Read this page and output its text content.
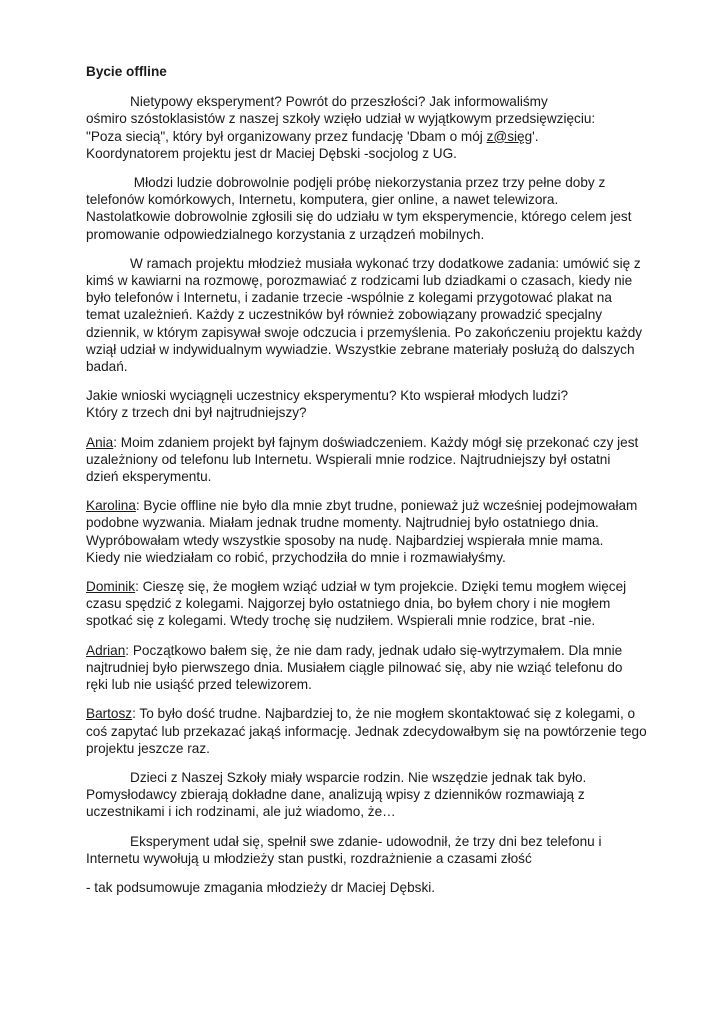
Bycie offline
Nietypowy eksperyment? Powrót do przeszłości? Jak informowaliśmy
ośmiro szóstoklasistów z naszej szkoły wzięło udział w wyjątkowym przedsięwzięciu:
"Poza siecią", który był organizowany przez fundację 'Dbam o mój z@sięg'.
Koordynatorem projektu jest dr Maciej Dębski -socjolog z UG.
Młodzi ludzie dobrowolnie podjęli próbę niekorzystania przez trzy pełne doby z
telefonów komórkowych, Internetu, komputera, gier online, a nawet telewizora.
Nastolatkowie dobrowolnie zgłosili się do udziału w tym eksperymencie, którego celem jest
promowanie odpowiedzialnego korzystania z urządzeń mobilnych.
W ramach projektu młodzież musiała wykonać trzy dodatkowe zadania: umówić się z
kimś w kawiarni na rozmowę, porozmawiać z rodzicami lub dziadkami o czasach, kiedy nie
było telefonów i Internetu, i zadanie trzecie -wspólnie z kolegami przygotować plakat na
temat uzależnień. Każdy z uczestników był również zobowiązany prowadzić specjalny
dziennik, w którym zapisywał swoje odczucia i przemyślenia. Po zakończeniu projektu każdy
wziął udział w indywidualnym wywiadzie. Wszystkie zebrane materiały posłużą do dalszych
badań.
Jakie wnioski wyciągnęli uczestnicy eksperymentu? Kto wspierał młodych ludzi?
Który z trzech dni był najtrudniejszy?
Ania: Moim zdaniem projekt był fajnym doświadczeniem. Każdy mógł się przekonać czy jest
uzależniony od telefonu lub Internetu. Wspierali mnie rodzice. Najtrudniejszy był ostatni
dzień eksperymentu.
Karolina: Bycie offline nie było dla mnie zbyt trudne, ponieważ już wcześniej podejmowałam
podobne wyzwania. Miałam jednak trudne momenty. Najtrudniej było ostatniego dnia.
Wypróbowałam wtedy wszystkie sposoby na nudę. Najbardziej wspierała mnie mama.
Kiedy nie wiedziałam co robić, przychodziła do mnie i rozmawiałyśmy.
Dominik: Cieszę się, że mogłem wziąć udział w tym projekcie. Dzięki temu mogłem więcej
czasu spędzić z kolegami. Najgorzej było ostatniego dnia, bo byłem chory i nie mogłem
spotkać się z kolegami. Wtedy trochę się nudziłem. Wspierali mnie rodzice, brat -nie.
Adrian: Początkowo bałem się, że nie dam rady, jednak udało się-wytrzymałem. Dla mnie
najtrudniej było pierwszego dnia. Musiałem ciągle pilnować się, aby nie wziąć telefonu do
ręki lub nie usiąść przed telewizorem.
Bartosz: To było dość trudne. Najbardziej to, że nie mogłem skontaktować się z kolegami, o
coś zapytać lub przekazać jakąś informację. Jednak zdecydowałbym się na powtórzenie tego
projektu jeszcze raz.
Dzieci z Naszej Szkoły miały wsparcie rodzin. Nie wszędzie jednak tak było.
Pomysłodawcy zbierają dokładne dane, analizują wpisy z dzienników rozmawiają z
uczestnikami i ich rodzinami, ale już wiadomo, że…
Eksperyment udał się, spełnił swe zdanie- udowodnił, że trzy dni bez telefonu i
Internetu wywołują u młodzieży stan pustki, rozdrażnienie a czasami złość
- tak podsumowuje zmagania młodzieży dr Maciej Dębski.
